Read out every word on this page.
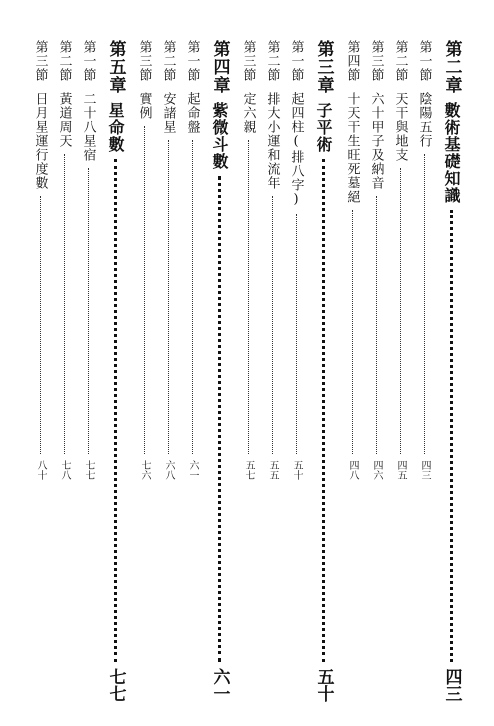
第二章
數術基礎知識
四三
第一節
陰陽五行
四三
第二節
天干與地支
四五
第三節
六十甲子及納音
四六
第四節
十天干生旺死墓絕
四八
第三章
子平術
五十
第一節
起四柱(排八字)
五十
第二節
排大小運和流年
五五
第三節
定六親
五七
第四章
紫微斗數
六一
第一節
起命盤
六一
第二節
安諸星
六八
第三節
實例
七六
第五章
星命數
七七
第一節
二十八星宿
七七
第二節
黃道周天
七八
第三節
日月星運行度數
八十
